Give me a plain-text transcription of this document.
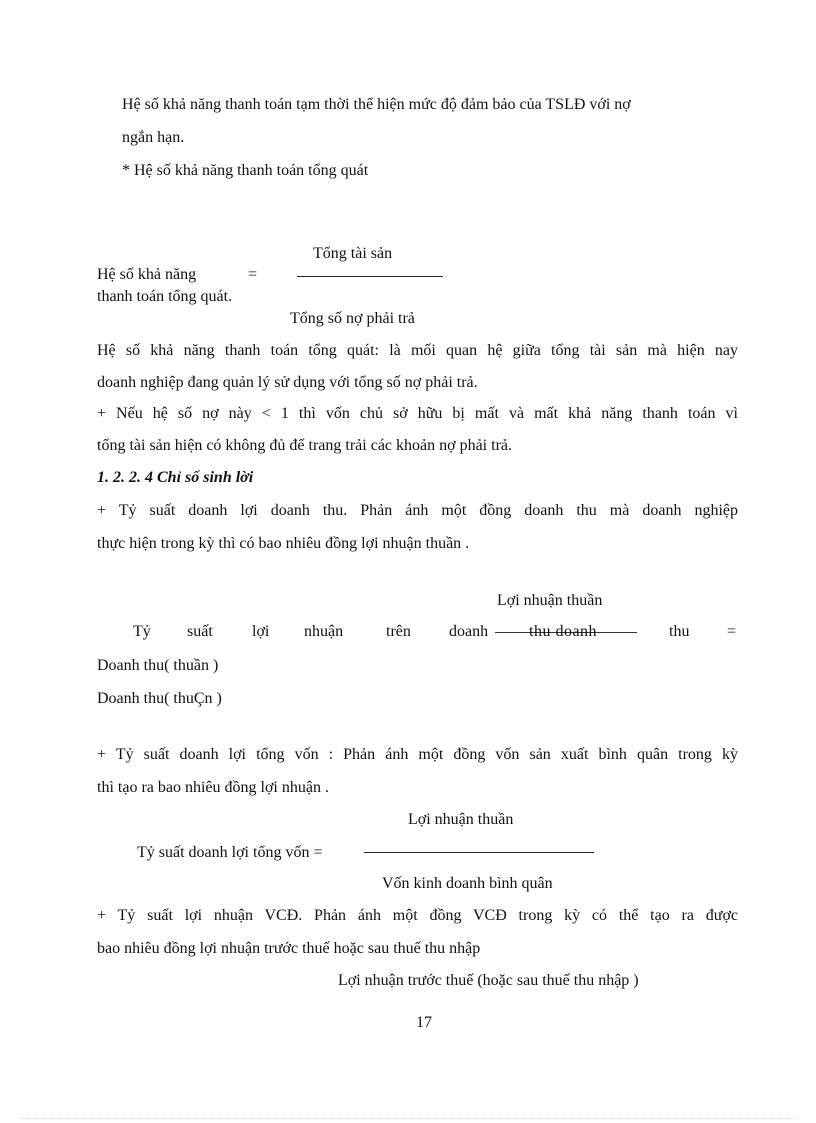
Hệ số khả năng thanh toán tạm thời thể hiện mức độ đảm bảo của TSLĐ với nợ
ngắn hạn.
* Hệ số khả năng thanh toán tổng quát
Tổng tài sản
Hệ số khả năng	=
thanh toán tổng quát.
Tổng số nợ phải trả
Hệ số khả năng thanh toán tổng quát: là mối quan hệ giữa tổng tài sản mà hiện nay
doanh nghiệp đang quản lý sử dụng với tổng số nợ phải trả.
+ Nếu hệ số nợ này < 1 thì vốn chủ sở hữu bị mất và mất khả năng thanh toán vì
tổng tài sản hiện có không đủ để trang trải các khoản nợ phải trả.
1. 2. 2. 4 Chỉ số sinh lời
+ Tỷ suất doanh lợi doanh thu. Phản ánh một đồng doanh thu mà doanh nghiệp
thực hiện trong kỳ thì có bao nhiêu đồng lợi nhuận thuần .
Lợi nhuận thuần
Tỷ suất lợi nhuận	trên doanh	thu doanh	thu =
Doanh thu( thuần )
Doanh thu( thuÇn )
+ Tỷ suất doanh lợi tổng vốn : Phản ánh một đồng vốn sản xuất bình quân trong kỳ
thì tạo ra bao nhiêu đồng lợi nhuận .
Lợi nhuận thuần
Tỷ suất doanh lợi tổng vốn =
Vốn kinh doanh bình quân
+ Tỷ suất lợi nhuận VCĐ. Phản ánh một đồng VCĐ trong kỳ có thể tạo ra được
bao nhiêu đồng lợi nhuận trước thuế hoặc sau thuế thu nhập
Lợi nhuận trước thuế (hoặc sau thuế thu nhập )
17
